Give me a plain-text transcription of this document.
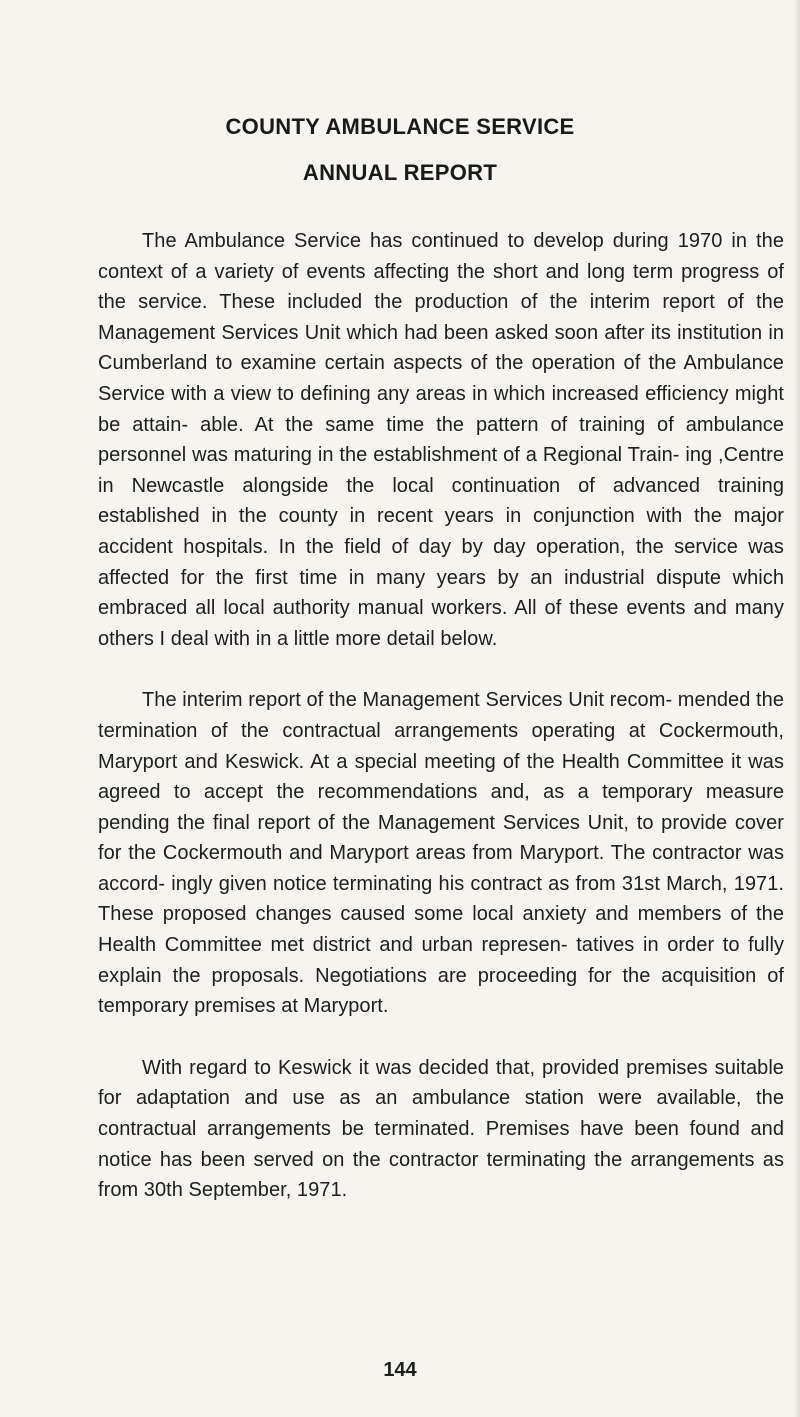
COUNTY AMBULANCE SERVICE
ANNUAL REPORT

The Ambulance Service has continued to develop during 1970 in the context of a variety of events affecting the short and long term progress of the service. These included the production of the interim report of the Management Services Unit which had been asked soon after its institution in Cumberland to examine certain aspects of the operation of the Ambulance Service with a view to defining any areas in which increased efficiency might be attain- able. At the same time the pattern of training of ambulance personnel was maturing in the establishment of a Regional Train- ing ,Centre in Newcastle alongside the local continuation of advanced training established in the county in recent years in conjunction with the major accident hospitals. In the field of day by day operation, the service was affected for the first time in many years by an industrial dispute which embraced all local authority manual workers. All of these events and many others I deal with in a little more detail below.

The interim report of the Management Services Unit recom- mended the termination of the contractual arrangements operating at Cockermouth, Maryport and Keswick. At a special meeting of the Health Committee it was agreed to accept the recommendations and, as a temporary measure pending the final report of the Management Services Unit, to provide cover for the Cockermouth and Maryport areas from Maryport. The contractor was accord- ingly given notice terminating his contract as from 31st March, 1971. These proposed changes caused some local anxiety and members of the Health Committee met district and urban represen- tatives in order to fully explain the proposals. Negotiations are proceeding for the acquisition of temporary premises at Maryport.

With regard to Keswick it was decided that, provided premises suitable for adaptation and use as an ambulance station were available, the contractual arrangements be terminated. Premises have been found and notice has been served on the contractor terminating the arrangements as from 30th September, 1971.

144
